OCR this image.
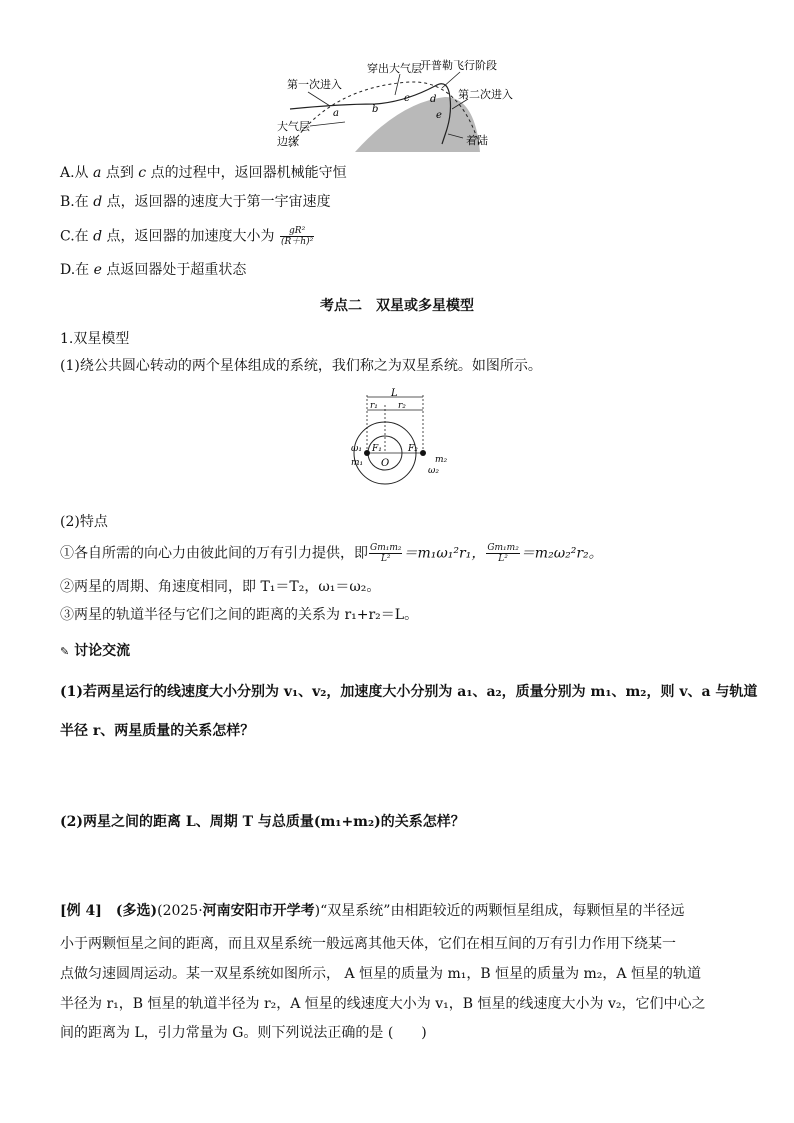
第一次进入
穿出大气层
开普勒飞行阶段
第二次进入
大气层
边缘	着陆
a	b
c d
e
A.从 a 点到 c 点的过程中，返回器机械能守恒
B.在 d 点，返回器的速度大于第一宇宙速度
C.在 d 点，返回器的加速度大小为 $\frac{\text{gR²}}{\text{(R＋h)²}}$
D.在 e 点返回器处于超重状态
考点二　双星或多星模型
1.双星模型
(1)绕公共圆心转动的两个星体组成的系统，我们称之为双星系统。如图所示。
L
r₁ r₂
F₁	F₂
O
ω₁
m₁	m₂
ω₂
(2)特点
①各自所需的向心力由彼此间的万有引力提供，即 $\frac{\text{Gm₁m₂}}{\text{L²}} =m_1\omega_1^2r_1$， $\frac{\text{Gm₁m₂}}{\text{L²}} =m_2\omega_2^2r_2$。
②两星的周期、角速度相同，即 T₁＝T₂，ω₁＝ω₂。
③两星的轨道半径与它们之间的距离的关系为 r₁+r₂＝L。
✎ 讨论交流
(1)若两星运行的线速度大小分别为 v₁、v₂，加速度大小分别为 a₁、a₂，质量分别为 m₁、m₂，则 v、a 与轨道
半径 r、两星质量的关系怎样？
(2)两星之间的距离 L、周期 T 与总质量(m₁+m₂)的关系怎样？
[例 4]　 (多选)(2025·河南安阳市开学考)“双星系统”由相距较近的两颗恒星组成，每颗恒星的半径远
小于两颗恒星之间的距离，而且双星系统一般远离其他天体，它们在相互间的万有引力作用下绕某一
点做匀速圆周运动。某一双星系统如图所示， A 恒星的质量为 m₁，B 恒星的质量为 m₂，A 恒星的轨道
半径为 r₁，B 恒星的轨道半径为 r₂，A 恒星的线速度大小为 v₁，B 恒星的线速度大小为 v₂，它们中心之
间的距离为 L，引力常量为 G。则下列说法正确的是 (　　)
